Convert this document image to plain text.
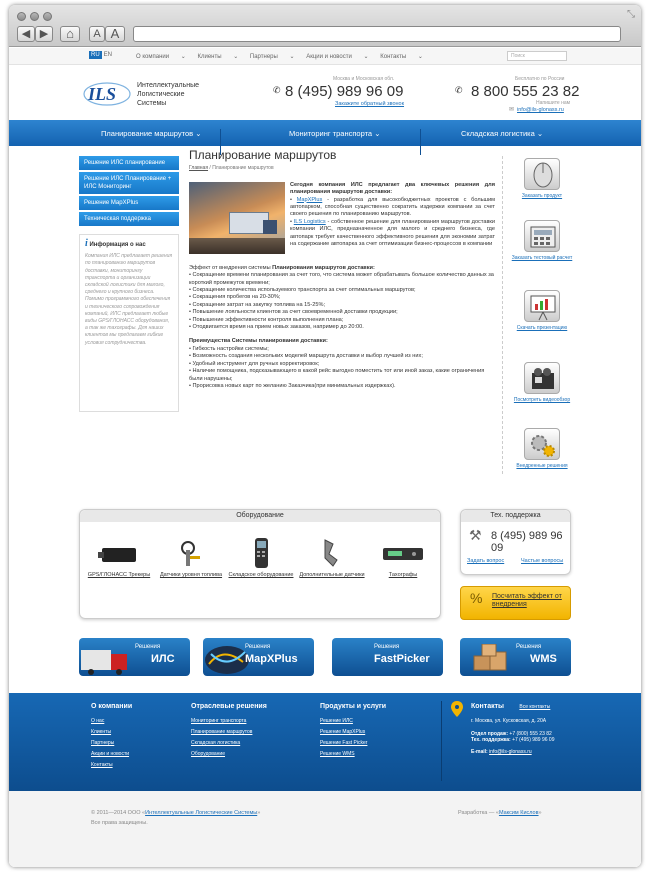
◀ ▶	⌂	A A
⤡
RU EN	О компании ⌄ Клиенты ⌄ Партнеры ⌄ Акции и новости ⌄ Контакты ⌄	Поиск
ILS	Интеллектуальные
Логистические
Системы
Москва и Московская обл.
✆ 8 (495) 989 96 09
Закажите обратный звонок
Бесплатно по России
✆ 8 800 555 23 82
Напишите нам
✉ info@ils-glonass.ru
Планирование маршрутов ⌄	Мониторинг транспорта ⌄	Складская логистика ⌄
Решение ИЛС планирование
Решение ИЛС Планирование + ИЛС Мониторинг
Решение MapXPlus
Техническая поддержка
i Информация о нас
Компания ИЛС предлагает решения по планированию маршрутов доставки, мониторингу транспорта и организации складской логистики для малого, среднего и крупного бизнеса. Помимо программного обеспечения и технического сопровождения компаний, ИЛС предлагает любые виды GPS/ГЛОНАСС оборудования, а так же тахографы. Для наших клиентов мы предлагаем гибкие условия сотрудничества.
Планирование маршрутов
Главная / Планирование маршрутов

Сегодня компания ИЛС предлагает два ключевых решения для планирования маршрутов доставки:

• MapXPlus - разработка для высокобюджетных проектов с большим автопарком, способная существенно сократить издержки компании за счет своего решения по планированию маршрутов.

• ILS Logistics - собственное решение для планирования маршрутов доставки компании ИЛС, предназначенное для малого и среднего бизнеса, где автопарк требует качественного эффективного решения для экономии затрат на содержание автопарка за счет оптимизации бизнес-процессов в компании

Эффект от внедрения системы Планирования маршрутов доставки:

• Сокращение времени планирования за счет того, что система может обрабатывать большое количество данных за короткий промежуток времени;

• Сокращение количества используемого транспорта за счет оптимальных маршрутов;

• Сокращения пробегов на 20-30%;

• Сокращение затрат на закупку топлива на 15-25%;

• Повышение лояльности клиентов за счет своевременной доставки продукции;

• Повышение эффективности контроля выполнения плана;

• Отодвигается время на прием новых заказов, например до 20:00.

Преимущества Системы планирования доставки:

• Гибкость настройки системы;

• Возможность создания нескольких моделей маршрута доставки и выбор лучшей из них;

• Удобный инструмент для ручных корректировок;

• Наличие помощника, подсказывающего в какой рейс выгодно поместить тот или иной заказ, какие ограничения были нарушены;

• Прорисовка новых карт по желанию Заказчика(при минимальных издержках).

Заказать продукт
Заказать тестовый расчет
Скачать презентацию
Посмотреть видеообзор
Внедренные решения
Оборудование
GPS/ГЛОНАСС Трекеры	Датчики уровня топлива	Складское оборудование Дополнительные датчики	Тахографы
Тех. поддержка
⚒ 8 (495) 989 96 09
Задать вопрос	Частые вопросы
% Посчитать эффект от внедрения
Решения
ИЛС
Решения
MapXPlus
Решения
FastPicker
Решения
WMS
О компании
О нас
Клиенты
Партнеры
Акции и новости
Контакты
Отраслевые решения
Мониторинг транспорта
Планирование маршрутов
Складская логистика
Оборудование
Продукты и услуги
Решение ИЛС
Решение MapXPlus
Решение Fast Picker
Решение WMS
Контакты	Все контакты
г. Москва, ул. Кусковская, д. 20А
Отдел продаж: +7 (800) 555 23 82
Тех. поддержка: +7 (495) 989 96 09
E-mail: info@ils-glonass.ru
© 2011—2014 ООО «Интеллектуальные Логистические Системы»
Все права защищены.
Разработка — «Максим Кислов»
